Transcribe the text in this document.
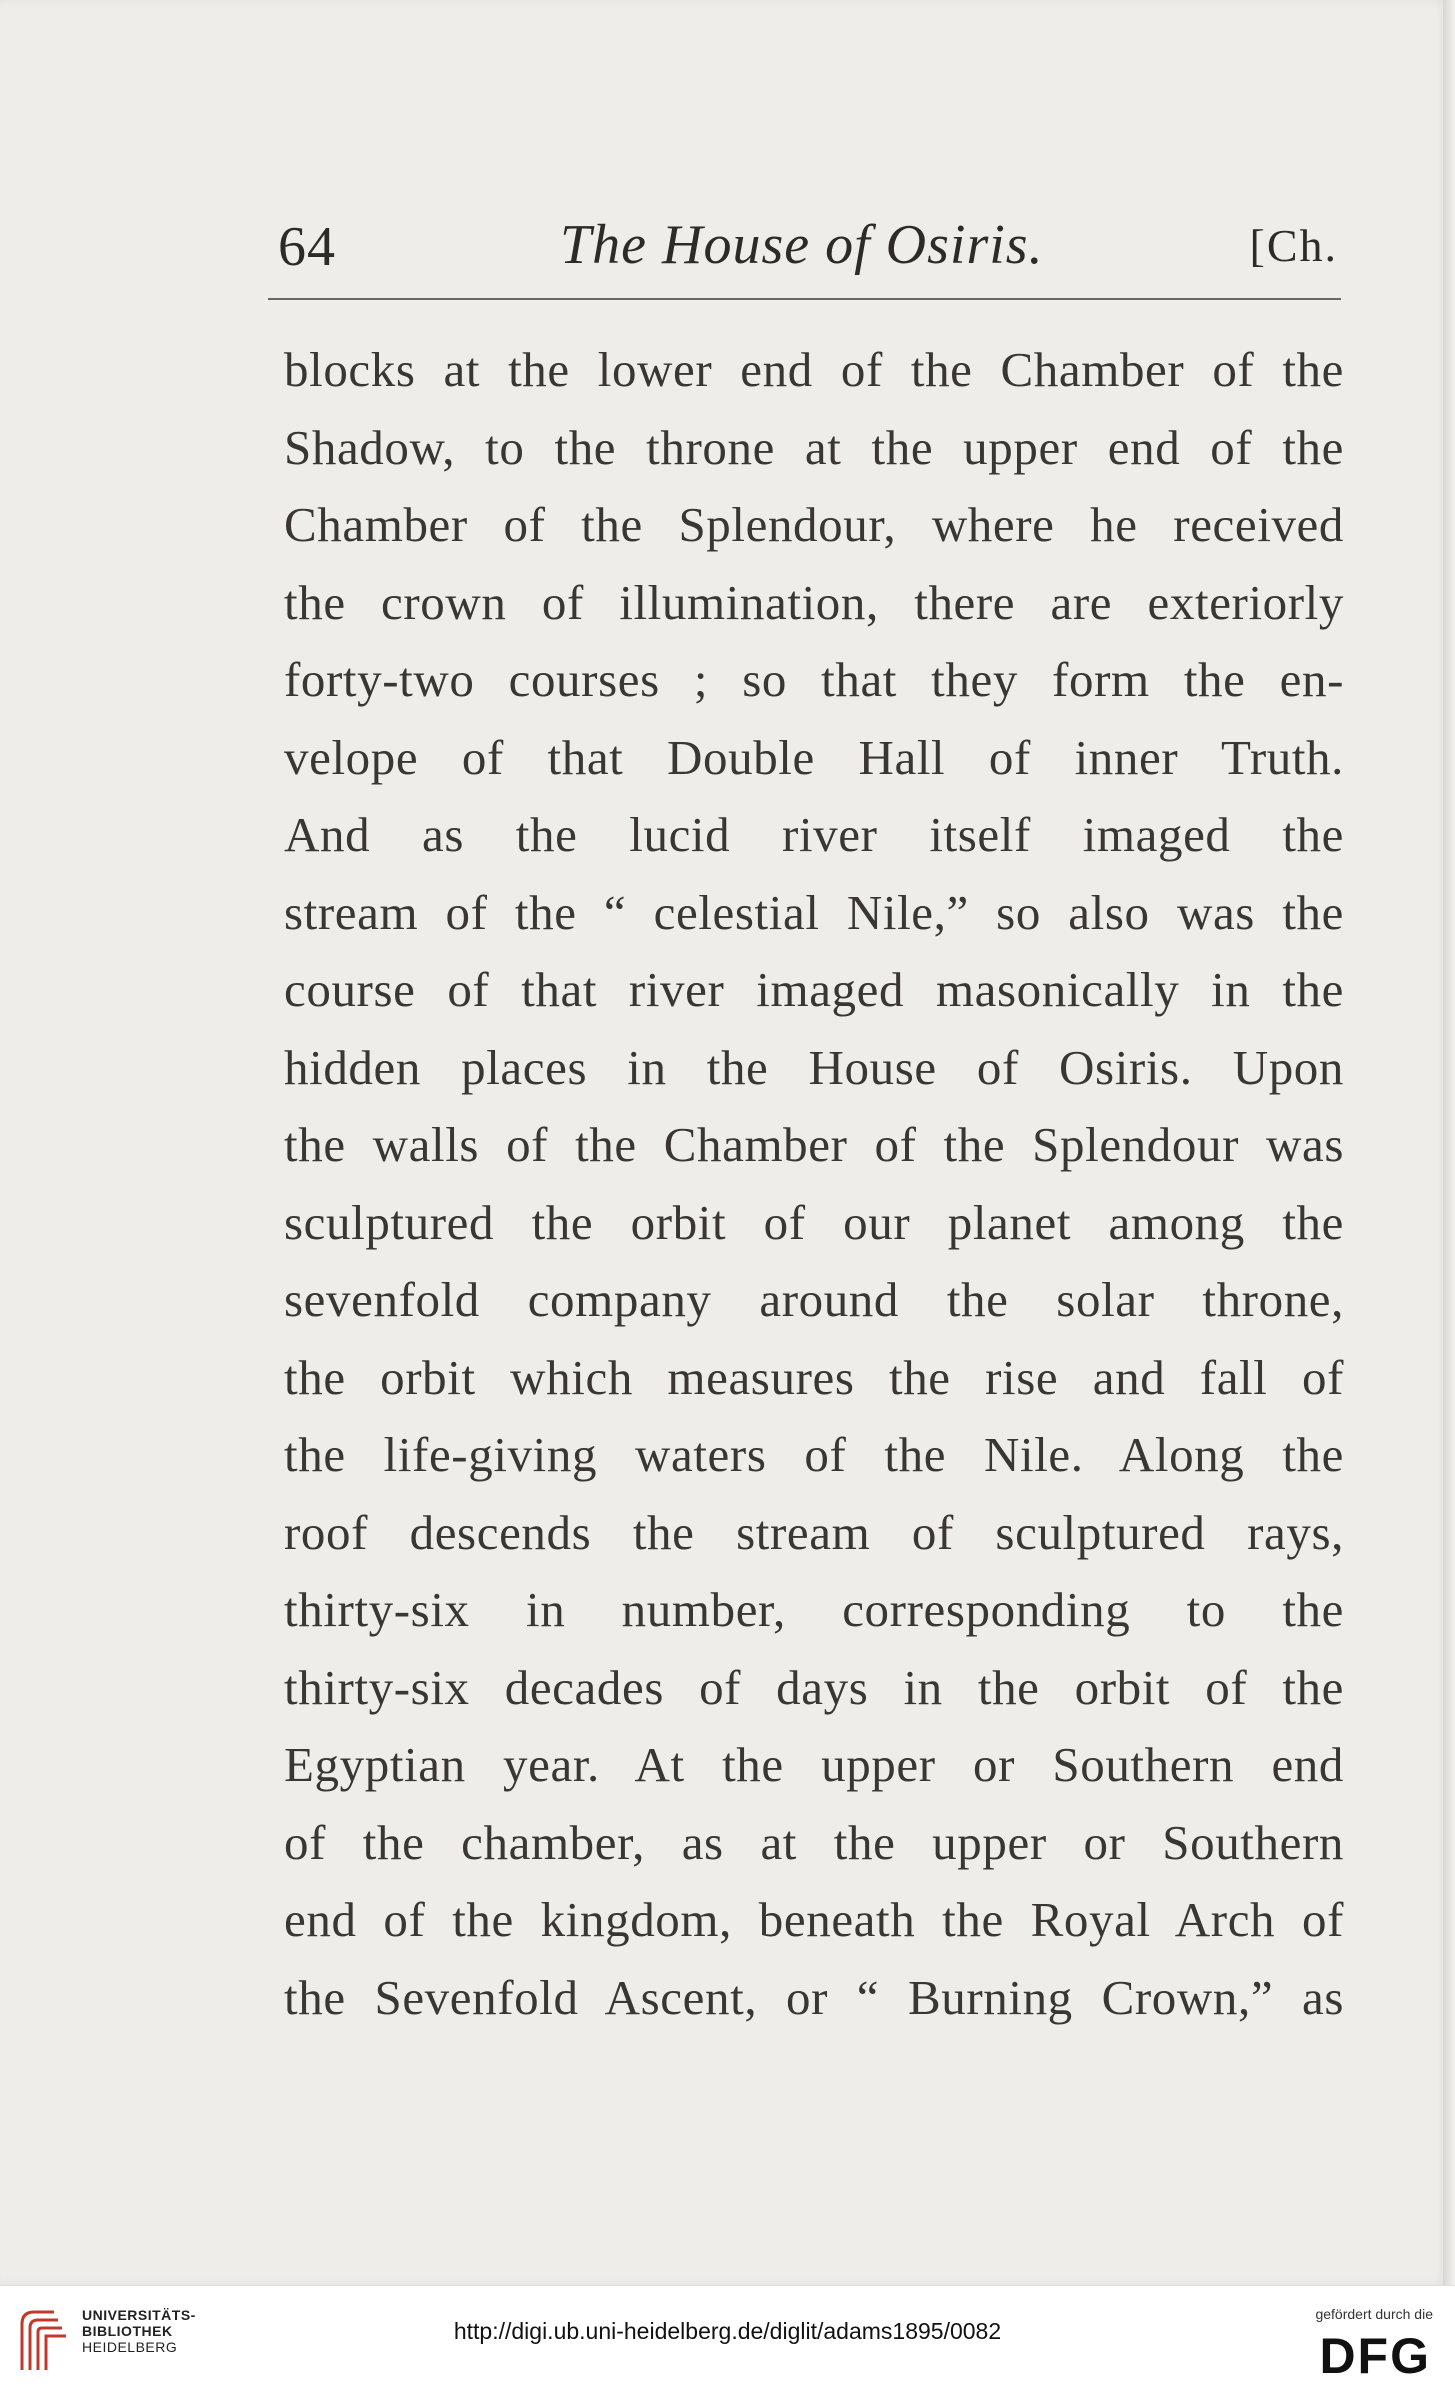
64	The House of Osiris.	[Ch.
blocks at the lower end of the Chamber of the
Shadow, to the throne at the upper end of the
Chamber of the Splendour, where he received
the crown of illumination, there are exteriorly
forty-two courses ; so that they form the en-
velope of that Double Hall of inner Truth.
And as the lucid river itself imaged the
stream of the “ celestial Nile,” so also was the
course of that river imaged masonically in the
hidden places in the House of Osiris. Upon
the walls of the Chamber of the Splendour was
sculptured the orbit of our planet among the
sevenfold company around the solar throne,
the orbit which measures the rise and fall of
the life-giving waters of the Nile. Along the
roof descends the stream of sculptured rays,
thirty-six in number, corresponding to the
thirty-six decades of days in the orbit of the
Egyptian year. At the upper or Southern end
of the chamber, as at the upper or Southern
end of the kingdom, beneath the Royal Arch of
the Sevenfold Ascent, or “ Burning Crown,” as
UNIVERSITÄTS-
BIBLIOTHEK
HEIDELBERG
http://digi.ub.uni-heidelberg.de/diglit/adams1895/0082
gefördert durch die
DFG
